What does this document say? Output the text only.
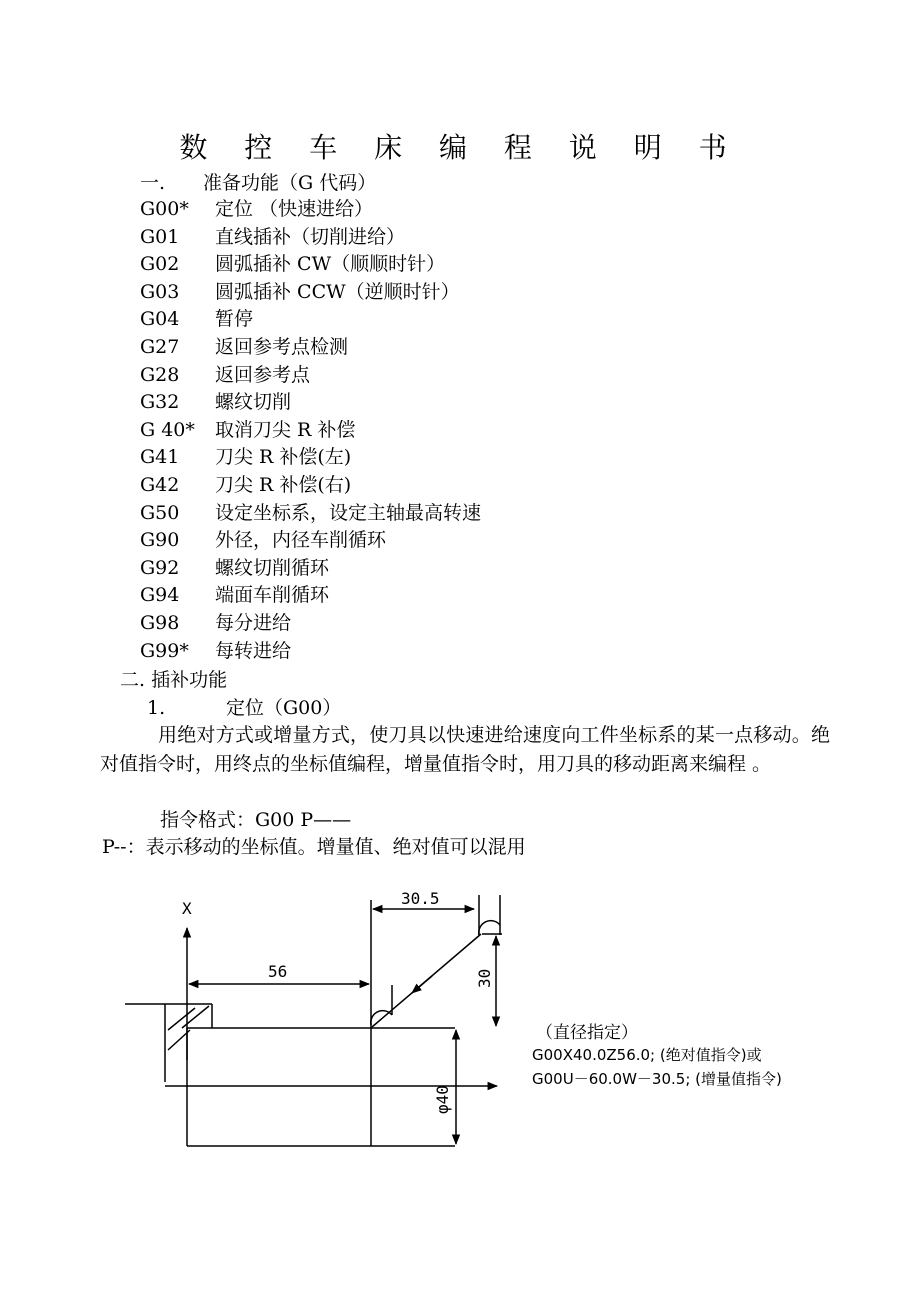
数 控 车 床 编 程 说 明 书
一. 准备功能（G 代码）
G00* 定位 （快速进给）
G01 直线插补（切削进给）
G02 圆弧插补 CW（顺顺时针）
G03 圆弧插补 CCW（逆顺时针）
G04 暂停
G27 返回参考点检测
G28 返回参考点
G32 螺纹切削
G 40* 取消刀尖 R 补偿
G41 刀尖 R 补偿(左)
G42 刀尖 R 补偿(右)
G50 设定坐标系，设定主轴最高转速
G90 外径，内径车削循环
G92 螺纹切削循环
G94 端面车削循环
G98 每分进给
G99* 每转进给
二. 插补功能
1.	定位（G00）
用绝对方式或增量方式，使刀具以快速进给速度向工件坐标系的某一点移动。绝对值指令时，用终点的坐标值编程，增量值指令时，用刀具的移动距离来编程 。
指令格式：G00 P——
P--：表示移动的坐标值。增量值、绝对值可以混用
X
30.5
56	30
φ40
（直径指定）
G00X40.0Z56.0; (绝对值指令)或
G00U－60.0W－30.5; (增量值指令)
